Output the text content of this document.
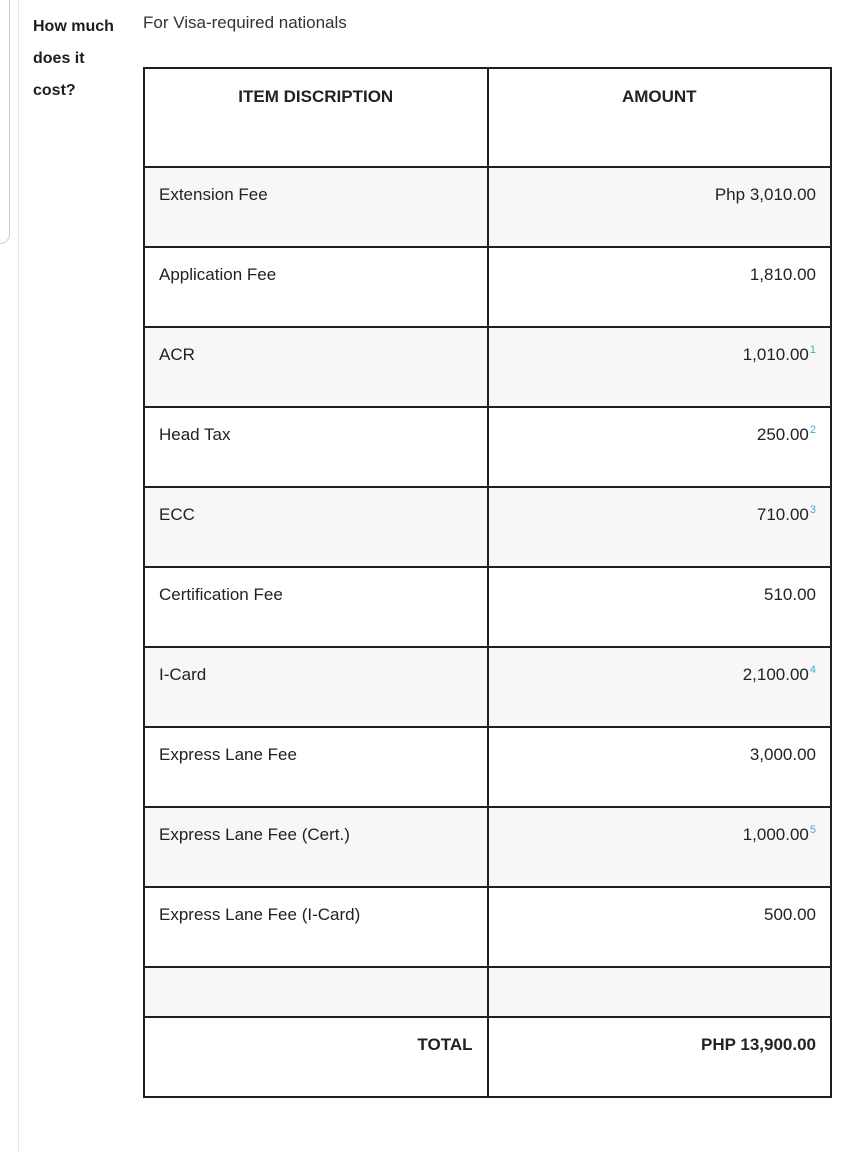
How much does it cost?
For Visa-required nationals
ITEM DISCRIPTION	AMOUNT
Extension Fee	Php 3,010.00
Application Fee	1,810.00
ACR	1,010.00$^1$
Head Tax	250.00$^2$
ECC	710.00$^3$
Certification Fee	510.00
I-Card	2,100.00$^4$
Express Lane Fee	3,000.00
Express Lane Fee (Cert.)	1,000.00$^5$
Express Lane Fee (I-Card)	500.00

TOTAL	PHP 13,900.00
